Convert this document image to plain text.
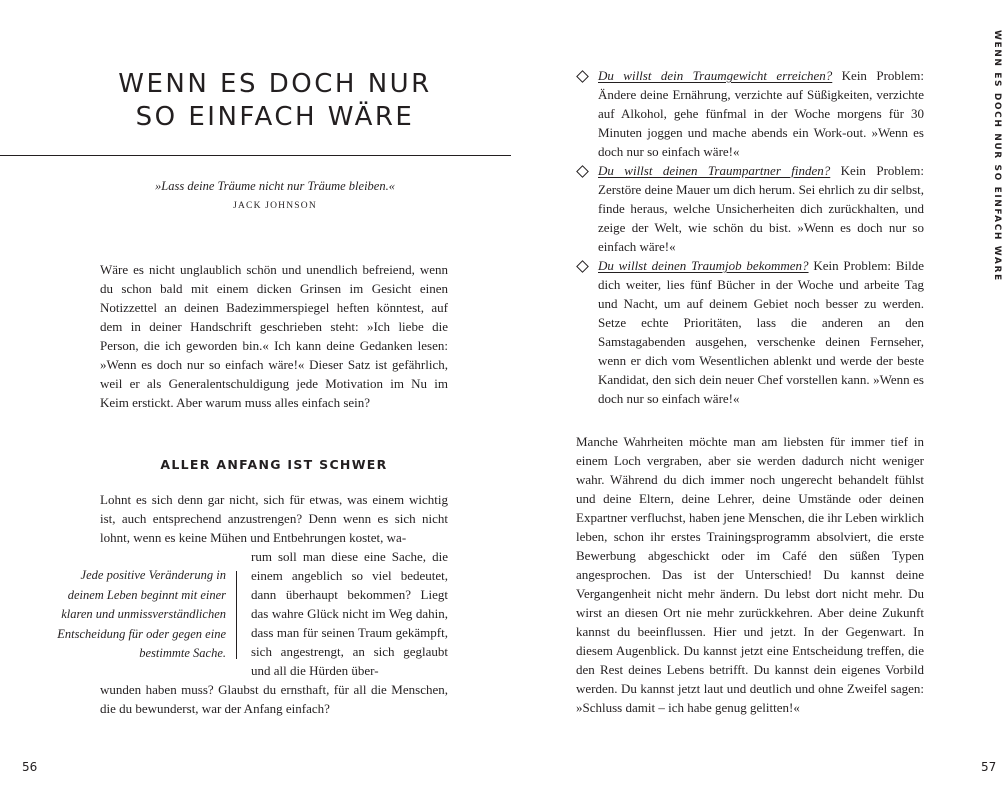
WENN ES DOCH NUR
SO EINFACH WÄRE
»Lass deine Träume nicht nur Träume bleiben.«
JACK JOHNSON

Wäre es nicht unglaublich schön und unendlich befreiend, wenn du schon bald mit einem dicken Grinsen im Gesicht einen Notizzettel an deinen Badezimmerspiegel heften könntest, auf dem in deiner Handschrift geschrieben steht: »Ich liebe die Person, die ich geworden bin.« Ich kann deine Gedanken lesen: »Wenn es doch nur so einfach wäre!« Dieser Satz ist gefährlich, weil er als Generalentschuldigung jede Motivation im Nu im Keim erstickt. Aber warum muss alles einfach sein?

ALLER ANFANG IST SCHWER

Lohnt es sich denn gar nicht, sich für etwas, was einem wichtig ist, auch entsprechend anzustrengen? Denn wenn es sich nicht lohnt, wenn es keine Mühen und Entbehrungen kostet, wa-

rum soll man diese eine Sache, die einem angeblich so viel bedeutet, dann überhaupt bekommen? Liegt das wahre Glück nicht im Weg dahin, dass man für seinen Traum gekämpft, sich angestrengt, an sich geglaubt und all die Hürden über-

wunden haben muss? Glaubst du ernsthaft, für all die Menschen, die du bewunderst, war der Anfang einfach?

Jede positive Veränderung in deinem Leben beginnt mit einer klaren und unmissverständlichen Entscheidung für oder gegen eine bestimmte Sache.

56
WENN ES DOCH NUR SO EINFACH WÄRE
Du willst dein Traumgewicht erreichen? Kein Problem: Ändere deine Ernährung, verzichte auf Süßigkeiten, verzichte auf Alkohol, gehe fünfmal in der Woche morgens für 30 Minuten joggen und mache abends ein Work-out. »Wenn es doch nur so einfach wäre!«
Du willst deinen Traumpartner finden? Kein Problem: Zerstöre deine Mauer um dich herum. Sei ehrlich zu dir selbst, finde heraus, welche Unsicherheiten dich zurückhalten, und zeige der Welt, wie schön du bist. »Wenn es doch nur so einfach wäre!«
Du willst deinen Traumjob bekommen? Kein Problem: Bilde dich weiter, lies fünf Bücher in der Woche und arbeite Tag und Nacht, um auf deinem Gebiet noch besser zu werden. Setze echte Prioritäten, lass die anderen an den Samstagabenden ausgehen, verschenke deinen Fernseher, wenn er dich vom Wesentlichen ablenkt und werde der beste Kandidat, den sich dein neuer Chef vorstellen kann. »Wenn es doch nur so einfach wäre!«

Manche Wahrheiten möchte man am liebsten für immer tief in einem Loch vergraben, aber sie werden dadurch nicht weniger wahr. Während du dich immer noch ungerecht behandelt fühlst und deine Eltern, deine Lehrer, deine Umstände oder deinen Expartner verfluchst, haben jene Menschen, die ihr Leben wirklich leben, schon ihr erstes Trainingsprogramm absolviert, die erste Bewerbung abgeschickt oder im Café den süßen Typen angesprochen. Das ist der Unterschied! Du kannst deine Vergangenheit nicht mehr ändern. Du lebst dort nicht mehr. Du wirst an diesen Ort nie mehr zurückkehren. Aber deine Zukunft kannst du beeinflussen. Hier und jetzt. In der Gegenwart. In diesem Augenblick. Du kannst jetzt eine Entscheidung treffen, die den Rest deines Lebens betrifft. Du kannst dein eigenes Vorbild werden. Du kannst jetzt laut und deutlich und ohne Zweifel sagen: »Schluss damit – ich habe genug gelitten!«

57
